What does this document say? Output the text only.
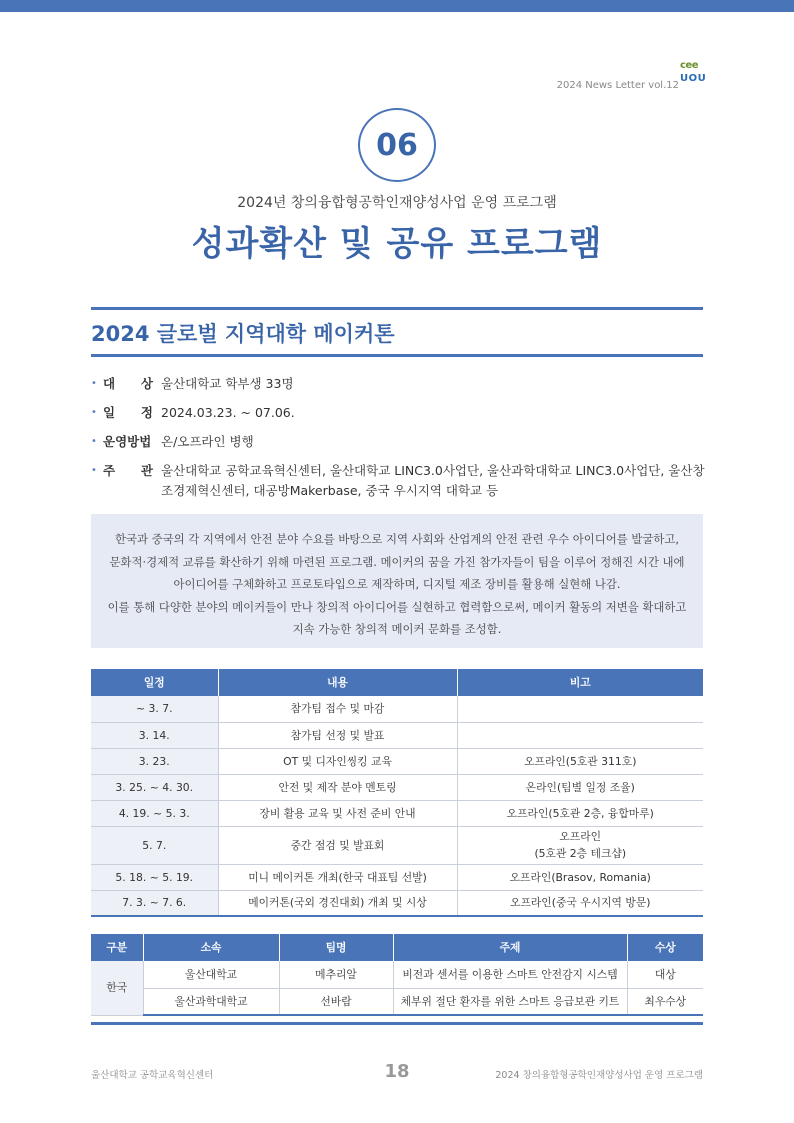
2024 News Letter vol.12
cee
UOU
06
2024년 창의융합형공학인재양성사업 운영 프로그램
성과확산 및 공유 프로그램
2024 글로벌 지역대학 메이커톤
• 대 상 울산대학교 학부생 33명
• 일 정 2024.03.23. ~ 07.06.
• 운영방법 온/오프라인 병행
• 주 관 울산대학교 공학교육혁신센터, 울산대학교 LINC3.0사업단, 울산과학대학교 LINC3.0사업단, 울산창조경제혁신센터, 대공방Makerbase, 중국 우시지역 대학교 등
한국과 중국의 각 지역에서 안전 분야 수요를 바탕으로 지역 사회와 산업계의 안전 관련 우수 아이디어를 발굴하고,
문화적·경제적 교류를 확산하기 위해 마련된 프로그램. 메이커의 꿈을 가진 참가자들이 팀을 이루어 정해진 시간 내에
아이디어를 구체화하고 프로토타입으로 제작하며, 디지털 제조 장비를 활용해 실현해 나감.
이를 통해 다양한 분야의 메이커들이 만나 창의적 아이디어를 실현하고 협력함으로써, 메이커 활동의 저변을 확대하고
지속 가능한 창의적 메이커 문화를 조성함.
일정	내용	비고
~ 3. 7.	참가팀 접수 및 마감	
3. 14.	참가팀 선정 및 발표	
3. 23.	OT 및 디자인씽킹 교육	오프라인(5호관 311호)
3. 25. ~ 4. 30.	안전 및 제작 분야 멘토링	온라인(팀별 일정 조율)
4. 19. ~ 5. 3.	장비 활용 교육 및 사전 준비 안내	오프라인(5호관 2층, 융합마루)
5. 7.	중간 점검 및 발표회	오프라인
(5호관 2층 테크샵)

5. 18. ~ 5. 19.	미니 메이커톤 개최(한국 대표팀 선발)	오프라인(Brasov, Romania)
7. 3. ~ 7. 6.	메이커톤(국외 경진대회) 개최 및 시상	오프라인(중국 우시지역 방문)
구분	소속	팀명	주제	수상
한국	울산대학교	메추리알	비전과 센서를 이용한 스마트 안전감지 시스템	대상
	울산과학대학교	선바람	체부위 절단 환자를 위한 스마트 응급보관 키트	최우수상
울산대학교 공학교육혁신센터	18	2024 창의융합형공학인재양성사업 운영 프로그램
